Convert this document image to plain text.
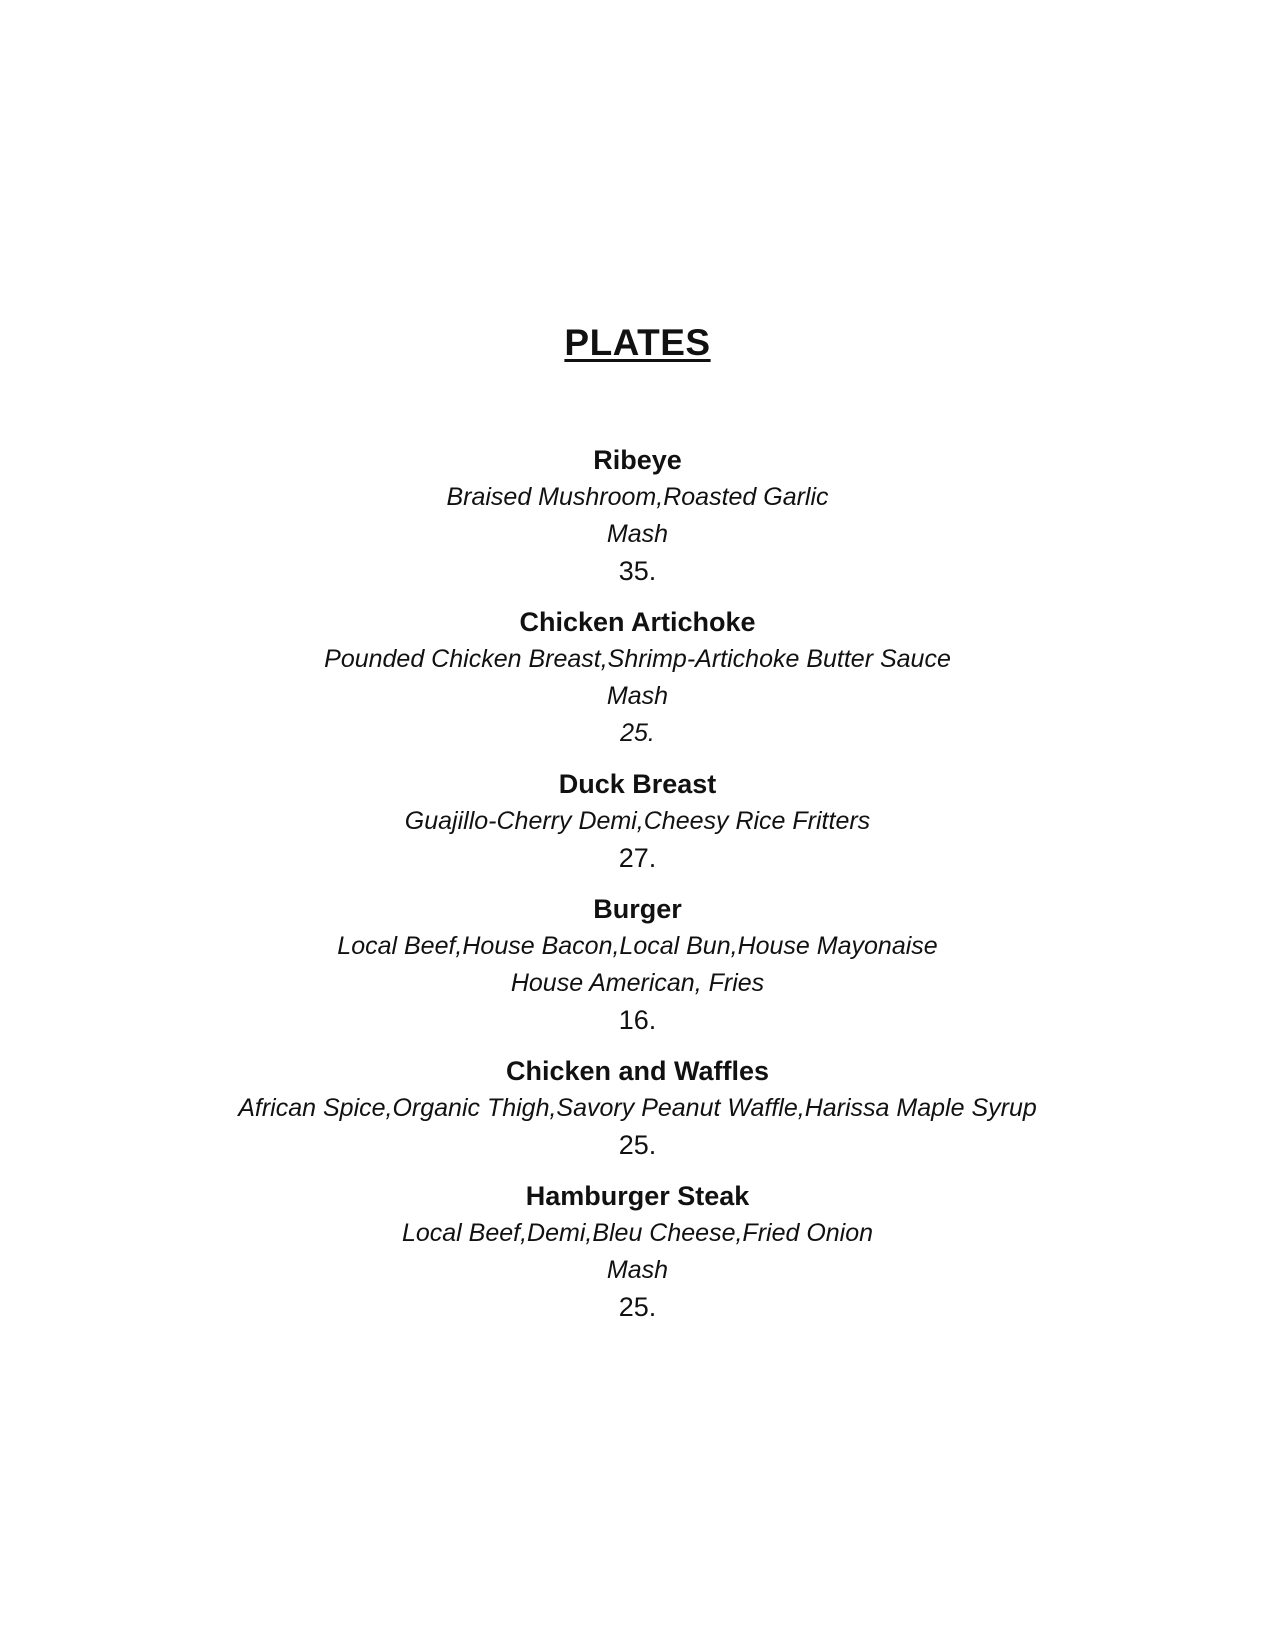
PLATES
Ribeye
Braised Mushroom,Roasted Garlic
Mash
35.
Chicken Artichoke
Pounded Chicken Breast,Shrimp-Artichoke Butter Sauce
Mash
25.
Duck Breast
Guajillo-Cherry Demi,Cheesy Rice Fritters
27.
Burger
Local Beef,House Bacon,Local Bun,House Mayonaise
House American, Fries
16.
Chicken and Waffles
African Spice,Organic Thigh,Savory Peanut Waffle,Harissa Maple Syrup
25.
Hamburger Steak
Local Beef,Demi,Bleu Cheese,Fried Onion
Mash
25.
